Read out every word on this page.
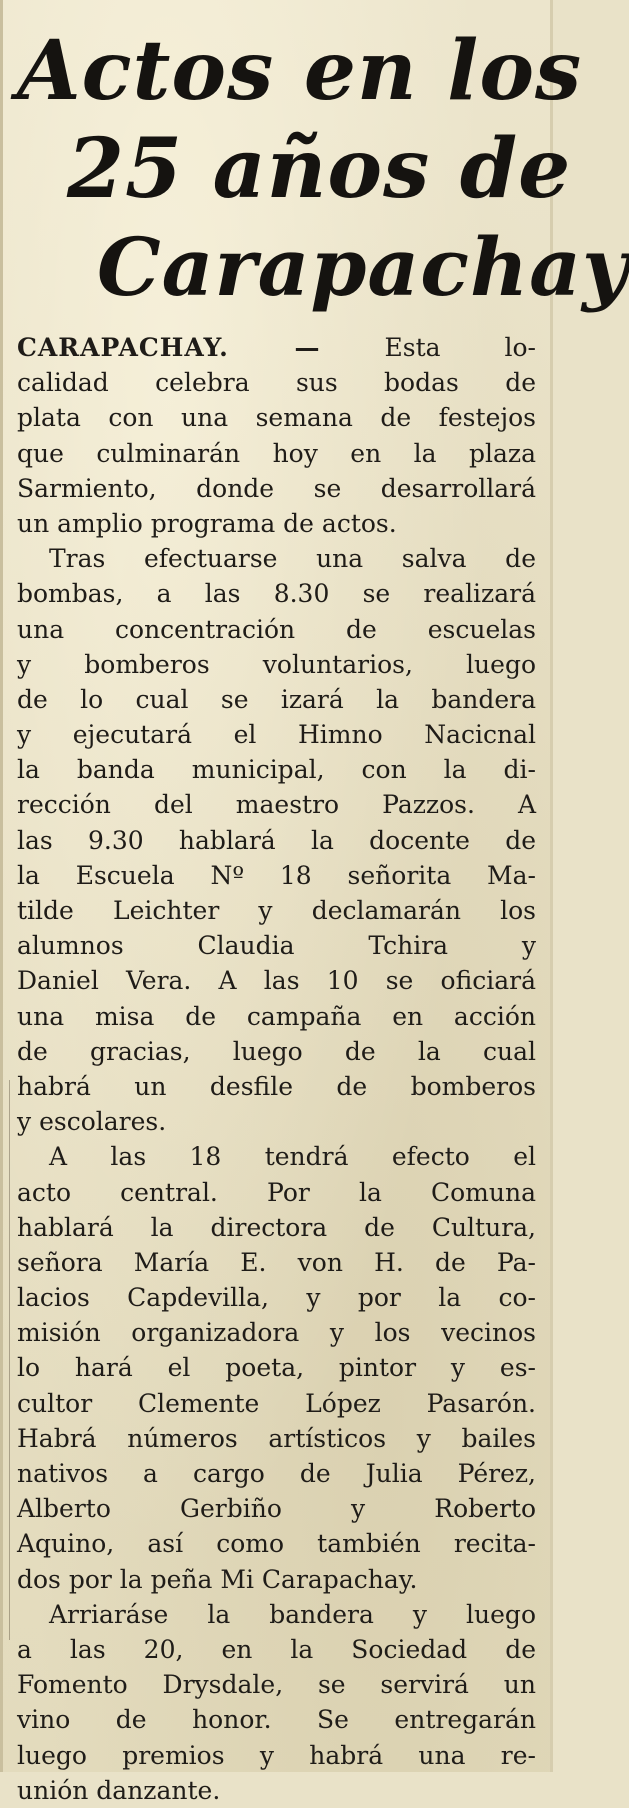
Actos en los
25 años de
Carapachay
CARAPACHAY. — Esta lo-
calidad celebra sus bodas de
plata con una semana de festejos
que culminarán hoy en la plaza
Sarmiento, donde se desarrollará
un amplio programa de actos.
Tras efectuarse una salva de
bombas, a las 8.30 se realizará
una concentración de escuelas
y bomberos voluntarios, luego
de lo cual se izará la bandera
y ejecutará el Himno Nacicnal
la banda municipal, con la di-
rección del maestro Pazzos. A
las 9.30 hablará la docente de
la Escuela Nº 18 señorita Ma-
tilde Leichter y declamarán los
alumnos Claudia Tchira y
Daniel Vera. A las 10 se oficiará
una misa de campaña en acción
de gracias, luego de la cual
habrá un desfile de bomberos
y escolares.
A las 18 tendrá efecto el
acto central. Por la Comuna
hablará la directora de Cultura,
señora María E. von H. de Pa-
lacios Capdevilla, y por la co-
misión organizadora y los vecinos
lo hará el poeta, pintor y es-
cultor Clemente López Pasarón.
Habrá números artísticos y bailes
nativos a cargo de Julia Pérez,
Alberto Gerbiño y Roberto
Aquino, así como también recita-
dos por la peña Mi Carapachay.
Arriaráse la bandera y luego
a las 20, en la Sociedad de
Fomento Drysdale, se servirá un
vino de honor. Se entregarán
luego premios y habrá una re-
unión danzante.
